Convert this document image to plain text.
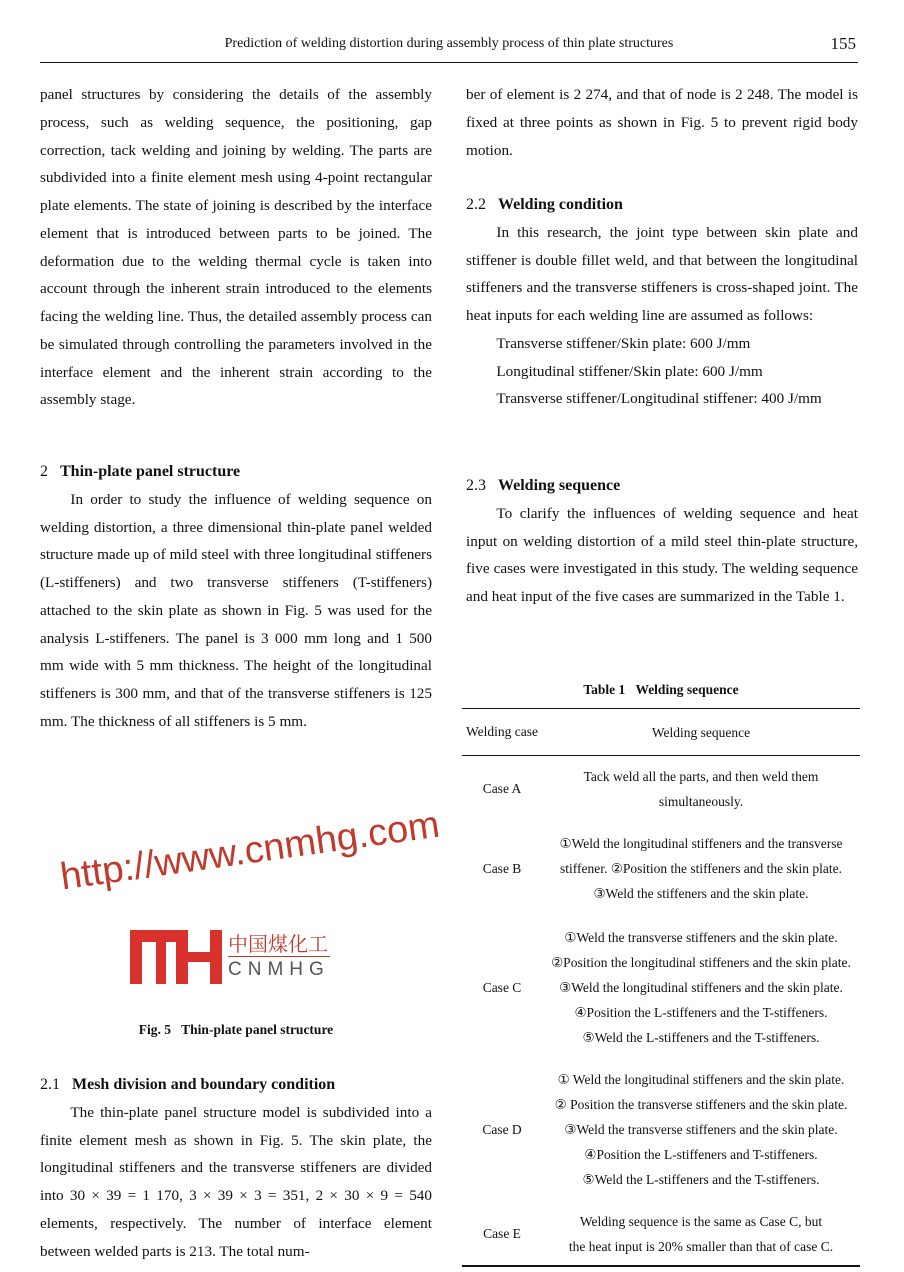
Prediction of welding distortion during assembly process of thin plate structures	155

panel structures by considering the details of the assembly process, such as welding sequence, the positioning, gap correction, tack welding and joining by welding. The parts are subdivided into a finite element mesh using 4-point rectangular plate elements. The state of joining is described by the interface element that is introduced between parts to be joined. The deformation due to the welding thermal cycle is taken into account through the inherent strain introduced to the elements facing the welding line. Thus, the detailed assembly process can be simulated through controlling the parameters involved in the interface element and the inherent strain according to the assembly stage.

2 Thin-plate panel structure

In order to study the influence of welding sequence on welding distortion, a three dimensional thin-plate panel welded structure made up of mild steel with three longitudinal stiffeners (L-stiffeners) and two transverse stiffeners (T-stiffeners) attached to the skin plate as shown in Fig. 5 was used for the analysis L-stiffeners. The panel is 3 000 mm long and 1 500 mm wide with 5 mm thickness. The height of the longitudinal stiffeners is 300 mm, and that of the transverse stiffeners is 125 mm. The thickness of all stiffeners is 5 mm.

Fig. 5 Thin-plate panel structure

2.1 Mesh division and boundary condition

The thin-plate panel structure model is subdivided into a finite element mesh as shown in Fig. 5. The skin plate, the longitudinal stiffeners and the transverse stiffeners are divided into 30 × 39 = 1 170, 3 × 39 × 3 = 351, 2 × 30 × 9 = 540 elements, respectively. The number of interface element between welded parts is 213. The total num-

ber of element is 2 274, and that of node is 2 248. The model is fixed at three points as shown in Fig. 5 to prevent rigid body motion.

2.2 Welding condition

In this research, the joint type between skin plate and stiffener is double fillet weld, and that between the longitudinal stiffeners and the transverse stiffeners is cross-shaped joint. The heat inputs for each welding line are assumed as follows:

Transverse stiffener/Skin plate: 600 J/mm
Longitudinal stiffener/Skin plate: 600 J/mm
Transverse stiffener/Longitudinal stiffener: 400 J/mm

2.3 Welding sequence

To clarify the influences of welding sequence and heat input on welding distortion of a mild steel thin-plate structure, five cases were investigated in this study. The welding sequence and heat input of the five cases are summarized in the Table 1.

Table 1 Welding sequence
Welding case	Welding sequence
Case A
Tack weld all the parts, and then weld them
simultaneously.
Case B
①Weld the longitudinal stiffeners and the transverse
stiffener. ②Position the stiffeners and the skin plate.
③Weld the stiffeners and the skin plate.
Case C
①Weld the transverse stiffeners and the skin plate.
②Position the longitudinal stiffeners and the skin plate.
③Weld the longitudinal stiffeners and the skin plate.
④Position the L-stiffeners and the T-stiffeners.
⑤Weld the L-stiffeners and the T-stiffeners.
Case D
① Weld the longitudinal stiffeners and the skin plate.
② Position the transverse stiffeners and the skin plate.
③Weld the transverse stiffeners and the skin plate.
④Position the L-stiffeners and T-stiffeners.
⑤Weld the L-stiffeners and the T-stiffeners.
Case E
Welding sequence is the same as Case C, but
the heat input is 20% smaller than that of case C.
http://www.cnmhg.com
中国煤化工
CNMHG
